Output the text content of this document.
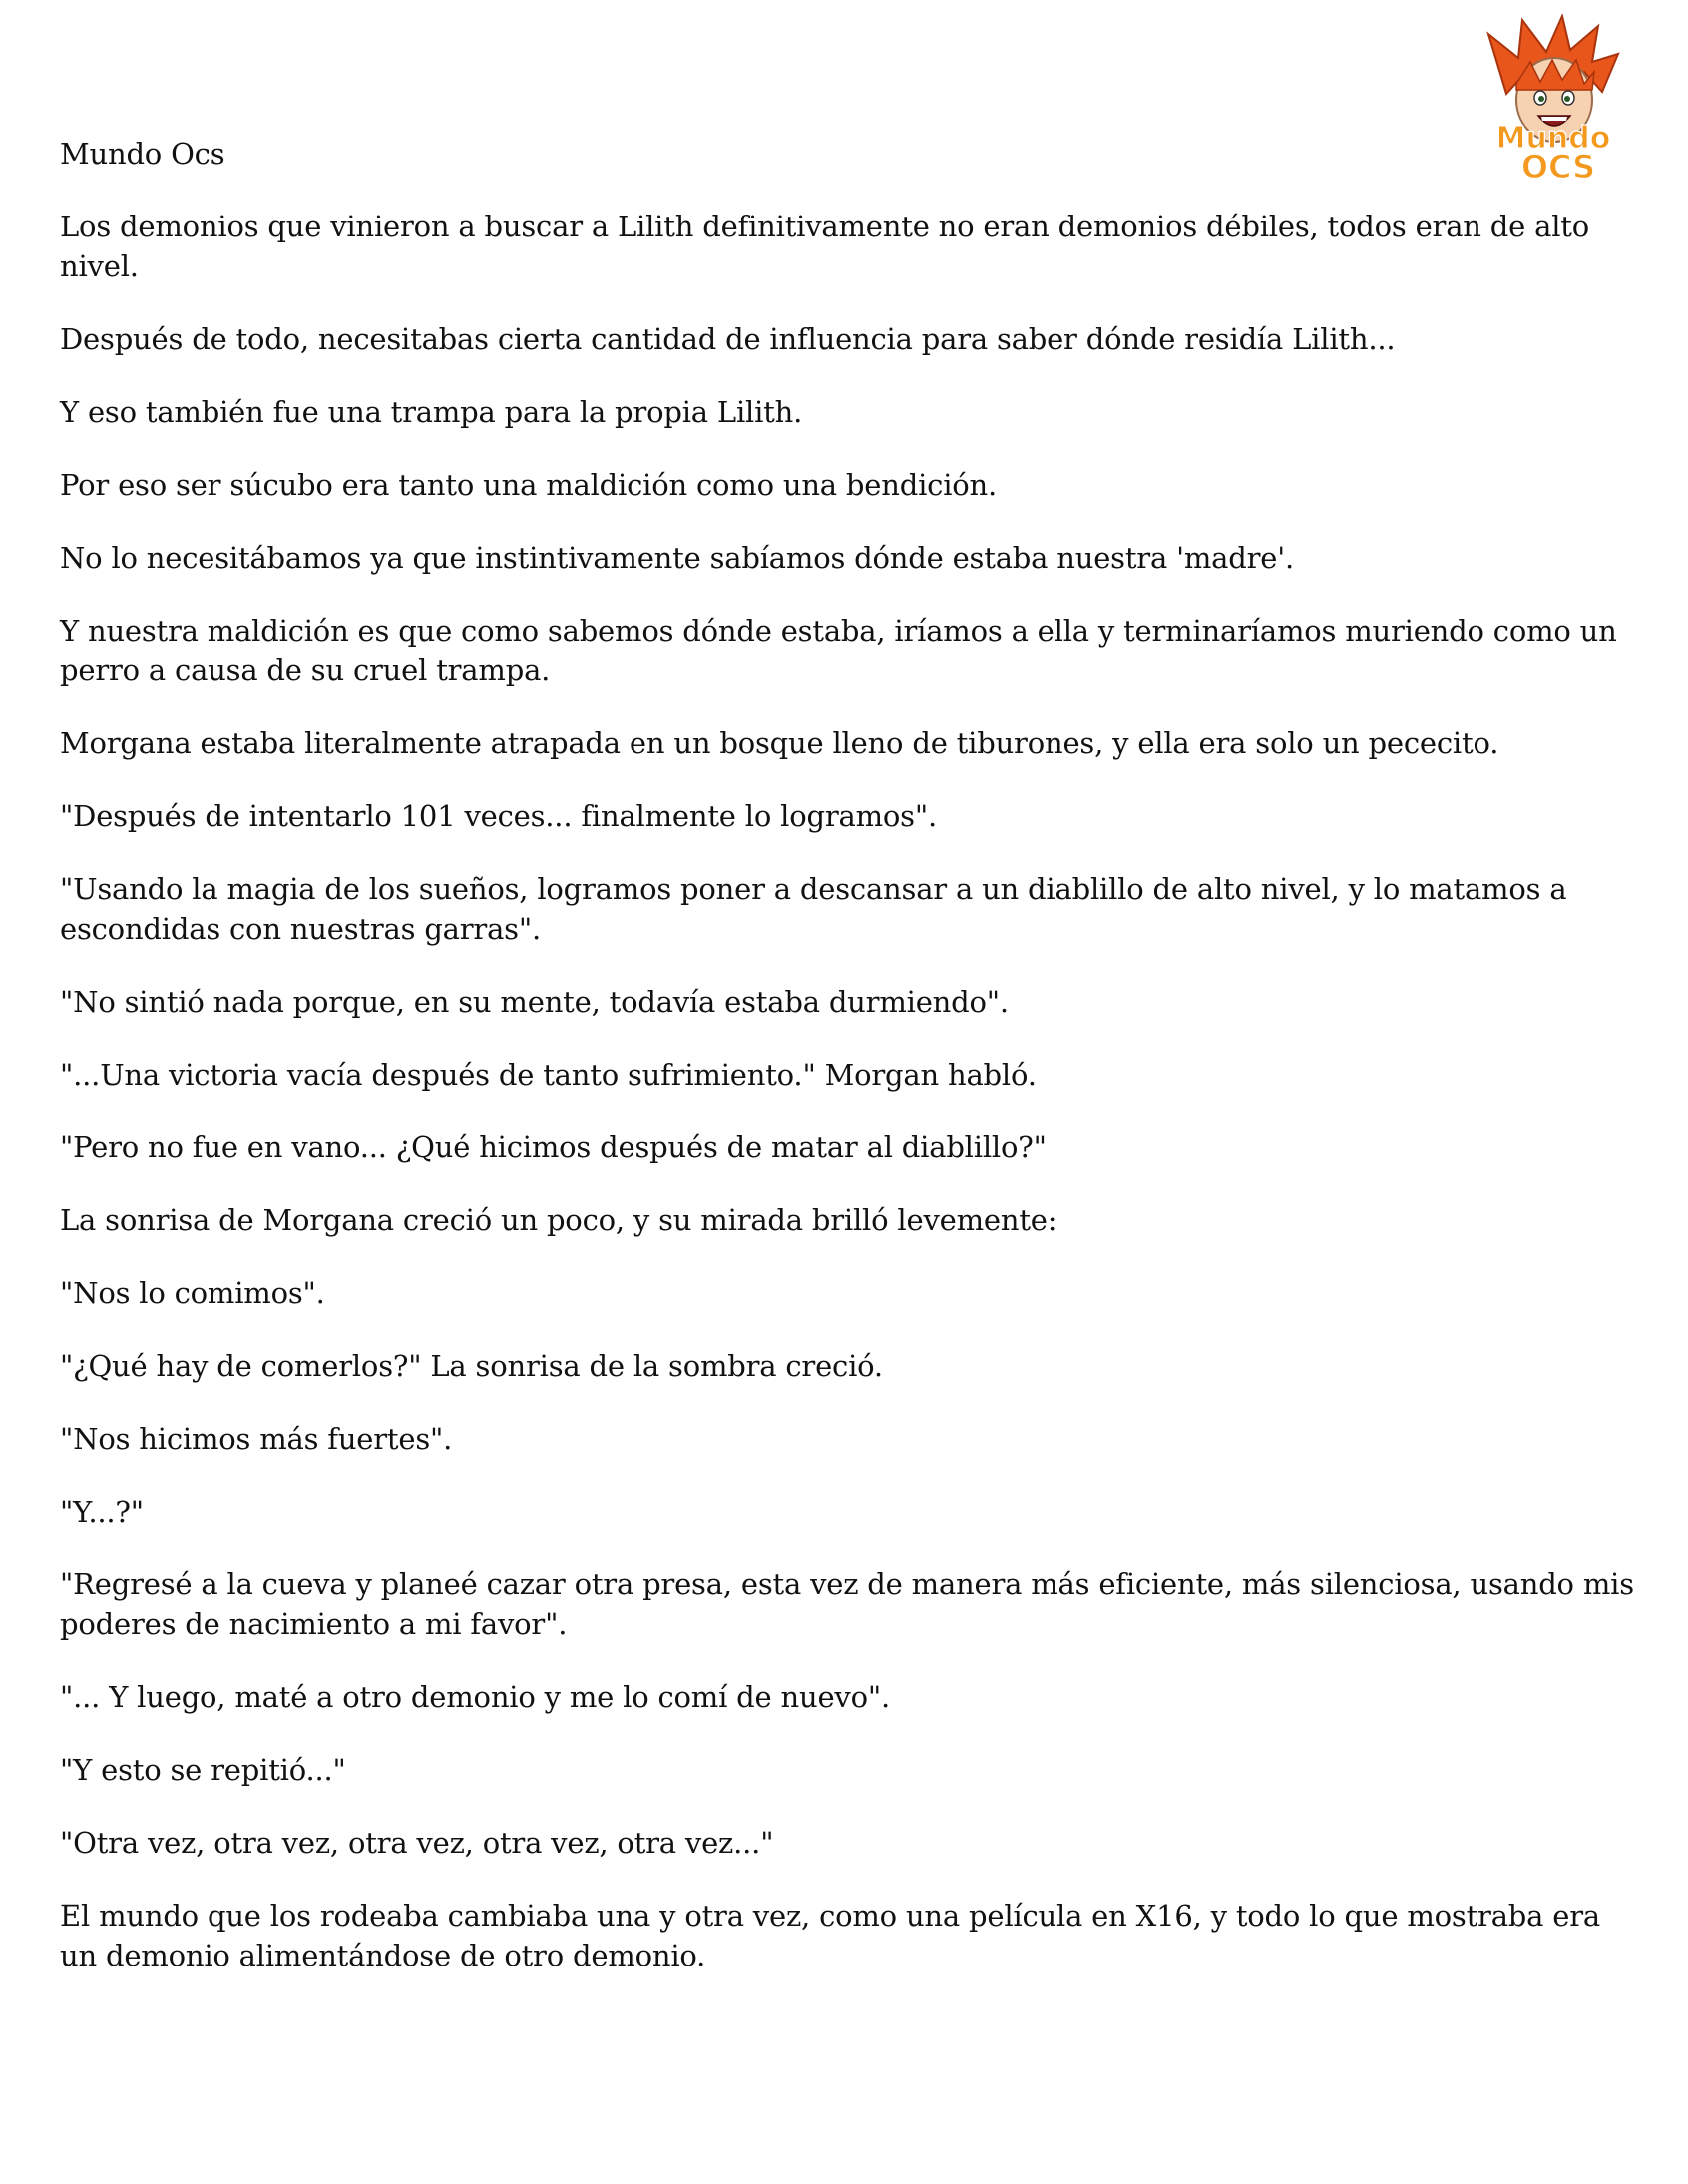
Mundo
OCS

Mundo Ocs

Los demonios que vinieron a buscar a Lilith definitivamente no eran demonios débiles, todos eran de alto nivel.

Después de todo, necesitabas cierta cantidad de influencia para saber dónde residía Lilith...

Y eso también fue una trampa para la propia Lilith.

Por eso ser súcubo era tanto una maldición como una bendición.

No lo necesitábamos ya que instintivamente sabíamos dónde estaba nuestra 'madre'.

Y nuestra maldición es que como sabemos dónde estaba, iríamos a ella y terminaríamos muriendo como un perro a causa de su cruel trampa.

Morgana estaba literalmente atrapada en un bosque lleno de tiburones, y ella era solo un pececito.

"Después de intentarlo 101 veces... finalmente lo logramos".

"Usando la magia de los sueños, logramos poner a descansar a un diablillo de alto nivel, y lo matamos a escondidas con nuestras garras".

"No sintió nada porque, en su mente, todavía estaba durmiendo".

"...Una victoria vacía después de tanto sufrimiento." Morgan habló.

"Pero no fue en vano... ¿Qué hicimos después de matar al diablillo?"

La sonrisa de Morgana creció un poco, y su mirada brilló levemente:

"Nos lo comimos".

"¿Qué hay de comerlos?" La sonrisa de la sombra creció.

"Nos hicimos más fuertes".

"Y...?"

"Regresé a la cueva y planeé cazar otra presa, esta vez de manera más eficiente, más silenciosa, usando mis poderes de nacimiento a mi favor".

"... Y luego, maté a otro demonio y me lo comí de nuevo".

"Y esto se repitió..."

"Otra vez, otra vez, otra vez, otra vez, otra vez..."

El mundo que los rodeaba cambiaba una y otra vez, como una película en X16, y todo lo que mostraba era un demonio alimentándose de otro demonio.
